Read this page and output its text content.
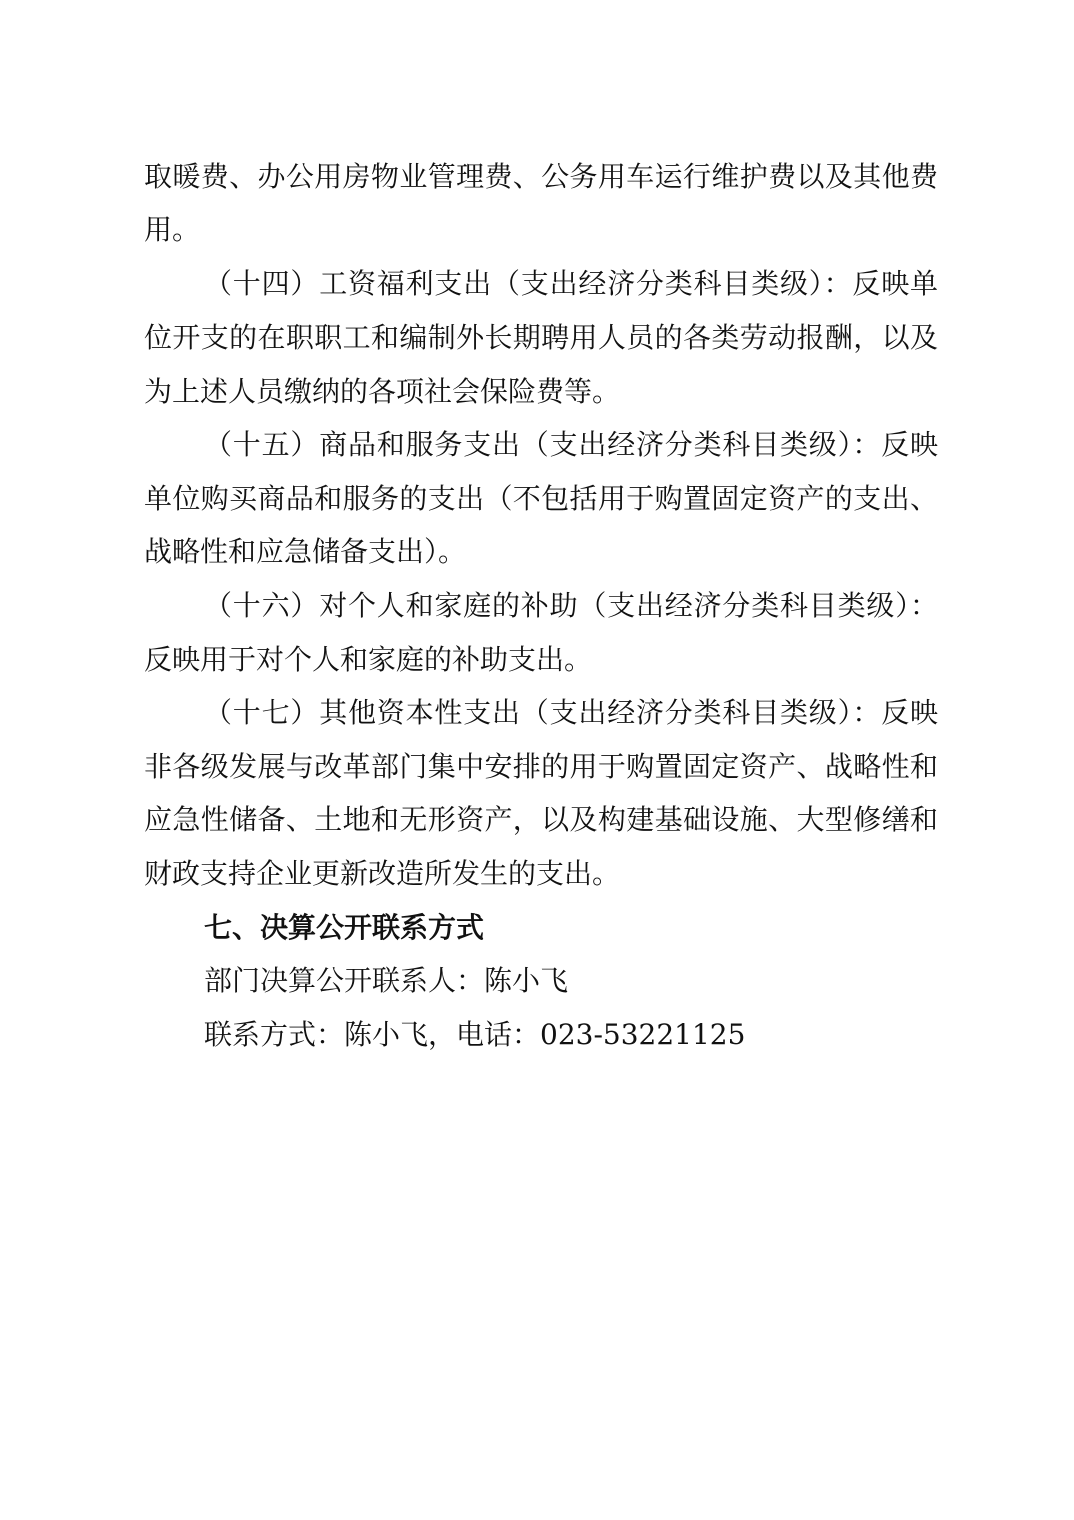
取暖费、办公用房物业管理费、公务用车运行维护费以及其他费
用。
（十四）工资福利支出（支出经济分类科目类级）：反映单
位开支的在职职工和编制外长期聘用人员的各类劳动报酬，以及
为上述人员缴纳的各项社会保险费等。
（十五）商品和服务支出（支出经济分类科目类级）：反映
单位购买商品和服务的支出（不包括用于购置固定资产的支出、
战略性和应急储备支出）。
（十六）对个人和家庭的补助（支出经济分类科目类级）：
反映用于对个人和家庭的补助支出。
（十七）其他资本性支出（支出经济分类科目类级）：反映
非各级发展与改革部门集中安排的用于购置固定资产、战略性和
应急性储备、土地和无形资产，以及构建基础设施、大型修缮和
财政支持企业更新改造所发生的支出。
七、决算公开联系方式
部门决算公开联系人：陈小飞
联系方式：陈小飞，电话：023-53221125
